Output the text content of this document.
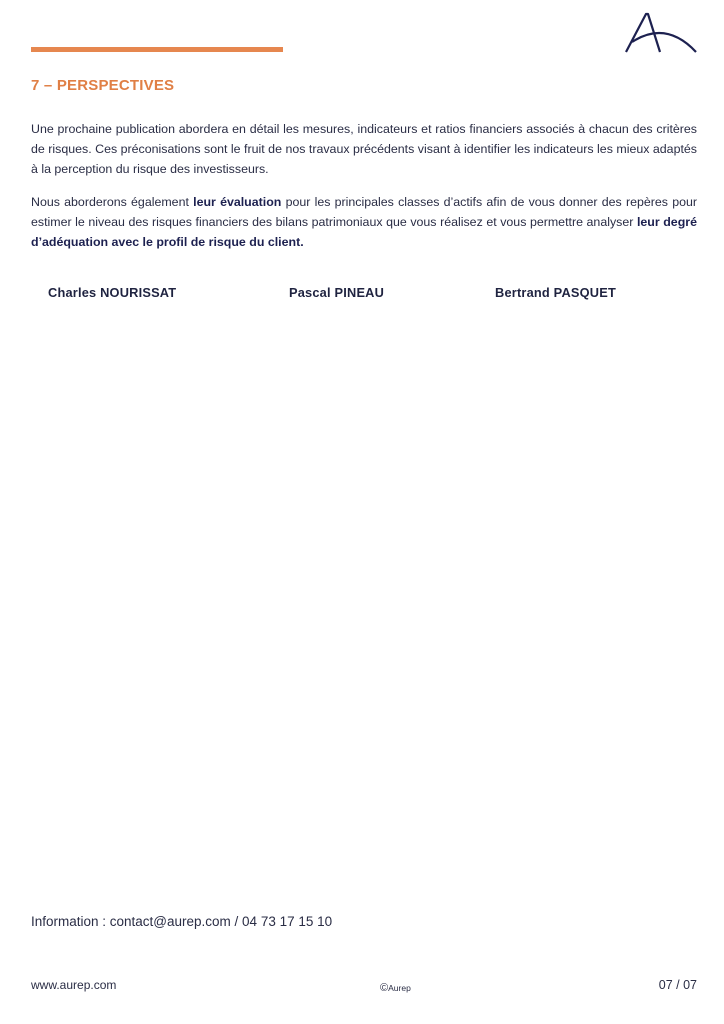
7 – PERSPECTIVES

Une prochaine publication abordera en détail les mesures, indicateurs et ratios financiers associés à chacun des critères de risques. Ces préconisations sont le fruit de nos travaux précédents visant à identifier les indicateurs les mieux adaptés à la perception du risque des investisseurs.

Nous aborderons également leur évaluation pour les principales classes d’actifs afin de vous donner des repères pour estimer le niveau des risques financiers des bilans patrimoniaux que vous réalisez et vous permettre analyser leur degré d’adéquation avec le profil de risque du client.

Charles NOURISSAT	Pascal PINEAU	Bertrand PASQUET
Information : contact@aurep.com / 04 73 17 15 10
www.aurep.com	©Aurep	07 / 07
